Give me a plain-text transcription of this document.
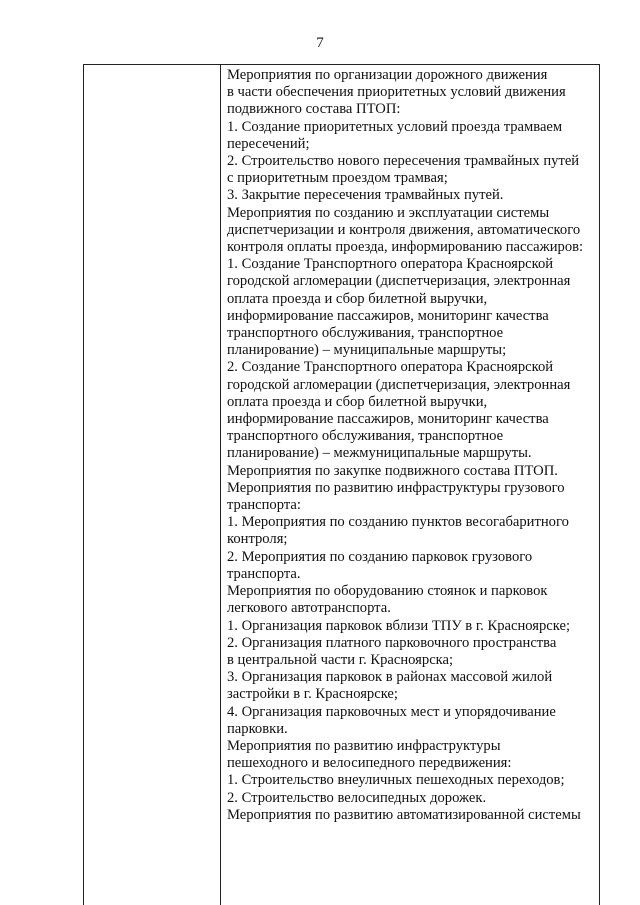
7
Мероприятия по организации дорожного движения
в части обеспечения приоритетных условий движения
подвижного состава ПТОП:
1. Создание приоритетных условий проезда трамваем
пересечений;
2. Строительство нового пересечения трамвайных путей
с приоритетным проездом трамвая;
3. Закрытие пересечения трамвайных путей.
Мероприятия по созданию и эксплуатации системы
диспетчеризации и контроля движения, автоматического
контроля оплаты проезда, информированию пассажиров:
1. Создание Транспортного оператора Красноярской
городской агломерации (диспетчеризация, электронная
оплата проезда и сбор билетной выручки,
информирование пассажиров, мониторинг качества
транспортного обслуживания, транспортное
планирование) – муниципальные маршруты;
2. Создание Транспортного оператора Красноярской
городской агломерации (диспетчеризация, электронная
оплата проезда и сбор билетной выручки,
информирование пассажиров, мониторинг качества
транспортного обслуживания, транспортное
планирование) – межмуниципальные маршруты.
Мероприятия по закупке подвижного состава ПТОП.
Мероприятия по развитию инфраструктуры грузового
транспорта:
1. Мероприятия по созданию пунктов весогабаритного
контроля;
2. Мероприятия по созданию парковок грузового
транспорта.
Мероприятия по оборудованию стоянок и парковок
легкового автотранспорта.
1. Организация парковок вблизи ТПУ в г. Красноярске;
2. Организация платного парковочного пространства
в центральной части г. Красноярска;
3. Организация парковок в районах массовой жилой
застройки в г. Красноярске;
4. Организация парковочных мест и упорядочивание
парковки.
Мероприятия по развитию инфраструктуры
пешеходного и велосипедного передвижения:
1. Строительство внеуличных пешеходных переходов;
2. Строительство велосипедных дорожек.
Мероприятия по развитию автоматизированной системы
